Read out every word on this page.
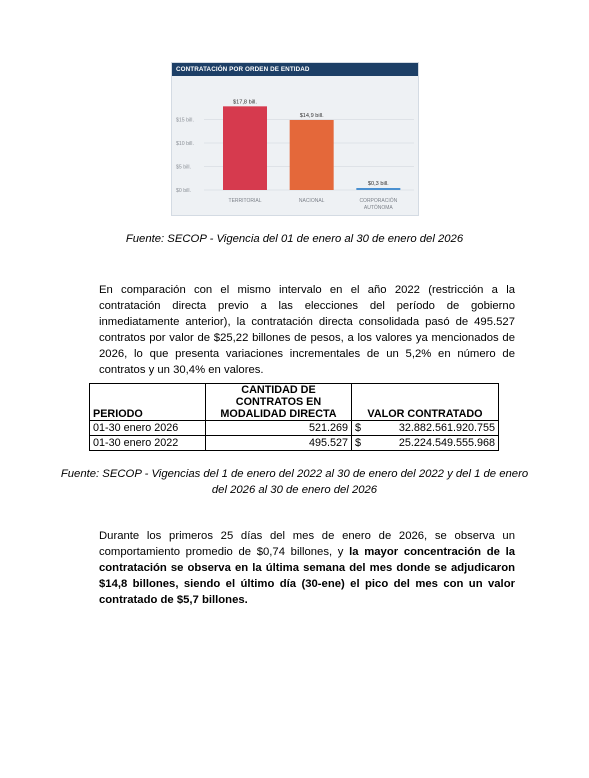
CONTRATACIÓN POR ORDEN DE ENTIDAD
$0 bill.
$5 bill.
$10 bill.
$15 bill.
$17,8 bill.
TERRITORIAL
$14,9 bill.
NACIONAL
$0,3 bill.
CORPORACIÓN
AUTÓNOMA
Fuente: SECOP - Vigencia del 01 de enero al 30 de enero del 2026
En comparación con el mismo intervalo en el año 2022 (restricción a la contratación directa previo a las elecciones del período de gobierno inmediatamente anterior), la contratación directa consolidada pasó de 495.527 contratos por valor de $25,22 billones de pesos, a los valores ya mencionados de 2026, lo que presenta variaciones incrementales de un 5,2% en número de contratos y un 30,4% en valores.
PERIODO	CANTIDAD DE CONTRATOS EN MODALIDAD DIRECTA	VALOR CONTRATADO
01-30 enero 2026	521.269	$ 32.882.561.920.755

01-30 enero 2022	495.527	$ 25.224.549.555.968
Fuente: SECOP - Vigencias del 1 de enero del 2022 al 30 de enero del 2022 y del 1 de enero del 2026 al 30 de enero del 2026
Durante los primeros 25 días del mes de enero de 2026, se observa un comportamiento promedio de $0,74 billones, y la mayor concentración de la contratación se observa en la última semana del mes donde se adjudicaron $14,8 billones, siendo el último día (30-ene) el pico del mes con un valor contratado de $5,7 billones.
